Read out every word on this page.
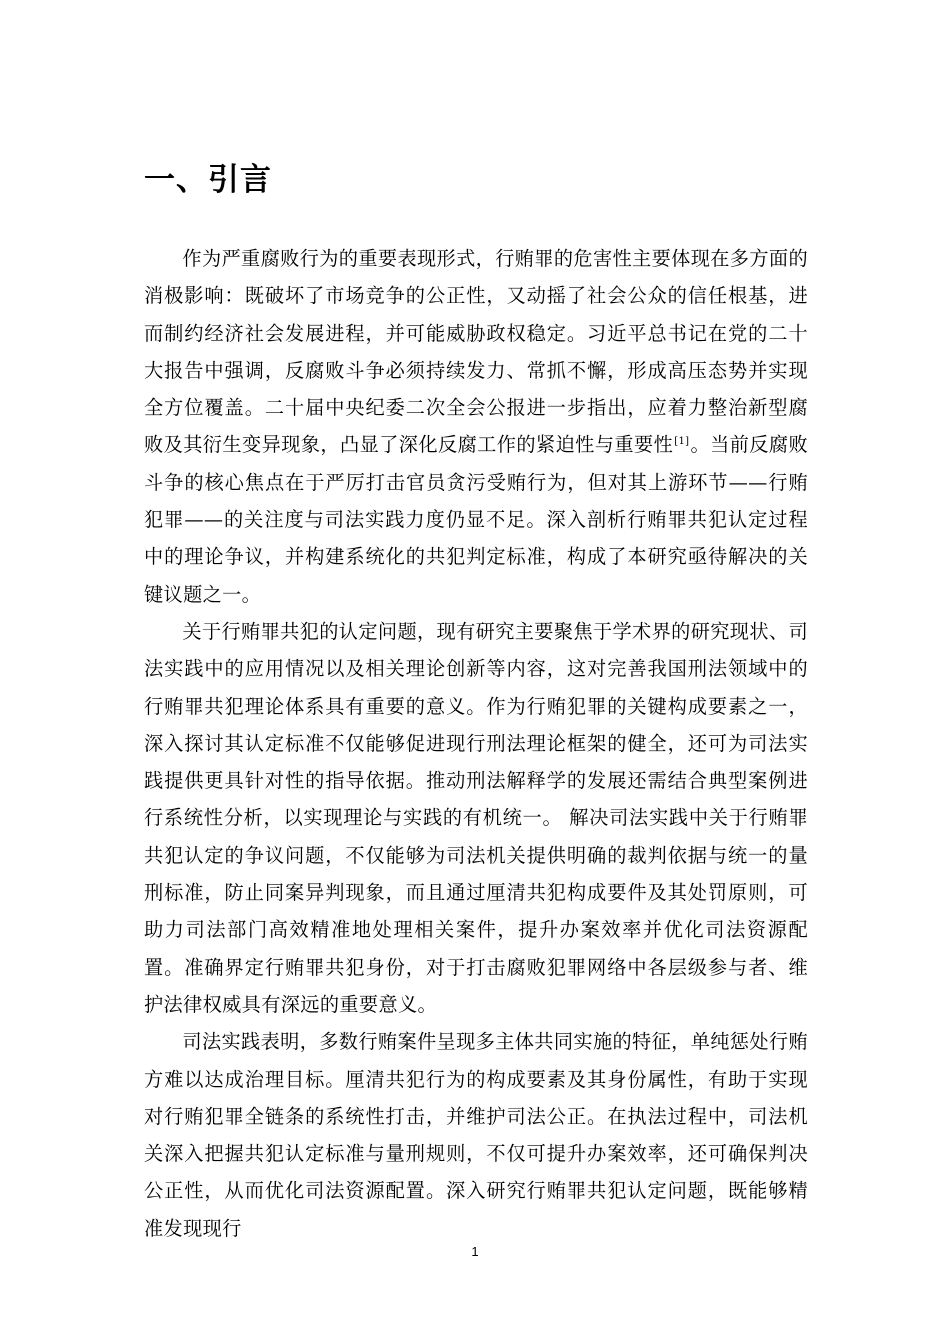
一、引言

作为严重腐败行为的重要表现形式，行贿罪的危害性主要体现在多方面的消极影响：既破坏了市场竞争的公正性，又动摇了社会公众的信任根基，进而制约经济社会发展进程，并可能威胁政权稳定。习近平总书记在党的二十大报告中强调，反腐败斗争必须持续发力、常抓不懈，形成高压态势并实现全方位覆盖。二十届中央纪委二次全会公报进一步指出，应着力整治新型腐败及其衍生变异现象，凸显了深化反腐工作的紧迫性与重要性[1]。当前反腐败斗争的核心焦点在于严厉打击官员贪污受贿行为，但对其上游环节——行贿犯罪——的关注度与司法实践力度仍显不足。深入剖析行贿罪共犯认定过程中的理论争议，并构建系统化的共犯判定标准，构成了本研究亟待解决的关键议题之一。

关于行贿罪共犯的认定问题，现有研究主要聚焦于学术界的研究现状、司法实践中的应用情况以及相关理论创新等内容，这对完善我国刑法领域中的行贿罪共犯理论体系具有重要的意义。作为行贿犯罪的关键构成要素之一，深入探讨其认定标准不仅能够促进现行刑法理论框架的健全，还可为司法实践提供更具针对性的指导依据。推动刑法解释学的发展还需结合典型案例进行系统性分析，以实现理论与实践的有机统一。 解决司法实践中关于行贿罪共犯认定的争议问题，不仅能够为司法机关提供明确的裁判依据与统一的量刑标准，防止同案异判现象，而且通过厘清共犯构成要件及其处罚原则，可助力司法部门高效精准地处理相关案件，提升办案效率并优化司法资源配置。准确界定行贿罪共犯身份，对于打击腐败犯罪网络中各层级参与者、维护法律权威具有深远的重要意义。

司法实践表明，多数行贿案件呈现多主体共同实施的特征，单纯惩处行贿方难以达成治理目标。厘清共犯行为的构成要素及其身份属性，有助于实现对行贿犯罪全链条的系统性打击，并维护司法公正。在执法过程中，司法机关深入把握共犯认定标准与量刑规则，不仅可提升办案效率，还可确保判决公正性，从而优化司法资源配置。深入研究行贿罪共犯认定问题，既能够精准发现现行

1
